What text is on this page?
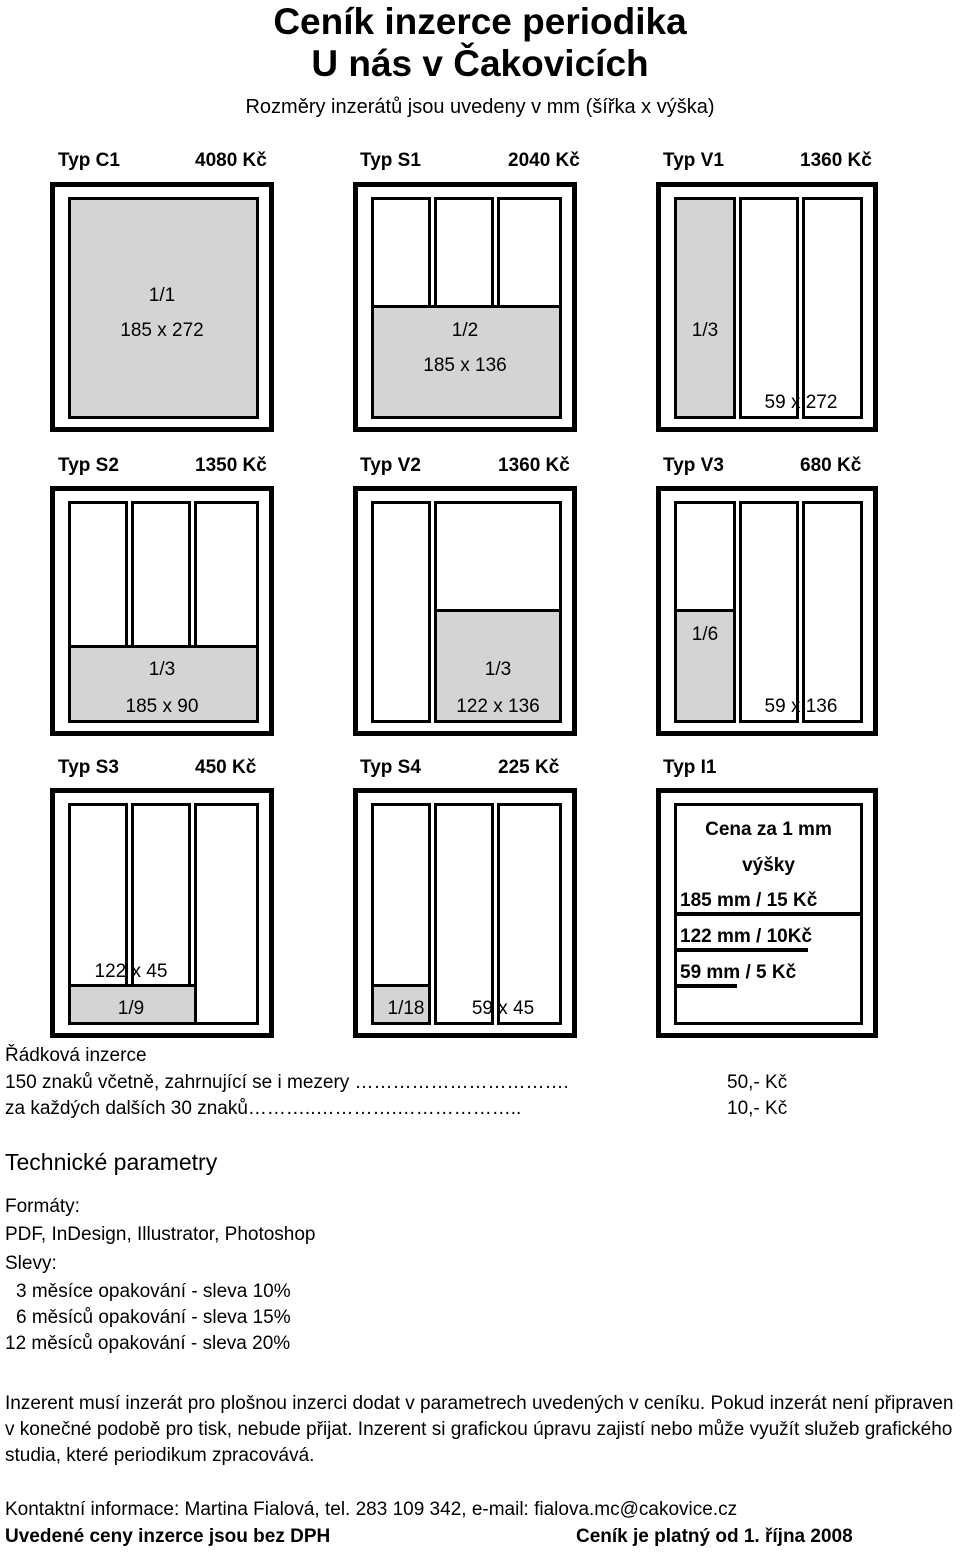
Ceník inzerce periodika
U nás v Čakovicích
Rozměry inzerátů jsou uvedeny v mm (šířka x výška)
Typ C1	4080 Kč	Typ S1	2040 Kč	Typ V1	1360 Kč
1/1
185 x 272	1/2
185 x 136
1/3
59 x 272
Typ S2	1350 Kč	Typ V2	1360 Kč	Typ V3	680 Kč
1/3
185 x 90
1/3
122 x 136
1/6
59 x 136
Typ S3	450 Kč	Typ S4	225 Kč	Typ I1
122 x 45
1/9	1/18	59 x 45
Cena za 1 mm
výšky
185 mm / 15 Kč
122 mm / 10Kč
59 mm / 5 Kč
Řádková inzerce
150 znaků včetně, zahrnující se i mezery …………………………….	50,- Kč
za každých dalších 30 znaků………..………….………………..	10,- Kč
Technické parametry
Formáty:
PDF, InDesign, Illustrator, Photoshop
Slevy:
3 měsíce opakování - sleva 10%
6 měsíců opakování - sleva 15%
12 měsíců opakování - sleva 20%
Inzerent musí inzerát pro plošnou inzerci dodat v parametrech uvedených v ceníku. Pokud inzerát není připraven v konečné podobě pro tisk, nebude přijat. Inzerent si grafickou úpravu zajistí nebo může využít služeb grafického studia, které periodikum zpracovává.
Kontaktní informace: Martina Fialová, tel. 283 109 342, e-mail: fialova.mc@cakovice.cz
Uvedené ceny inzerce jsou bez DPH	Ceník je platný od 1. října 2008
